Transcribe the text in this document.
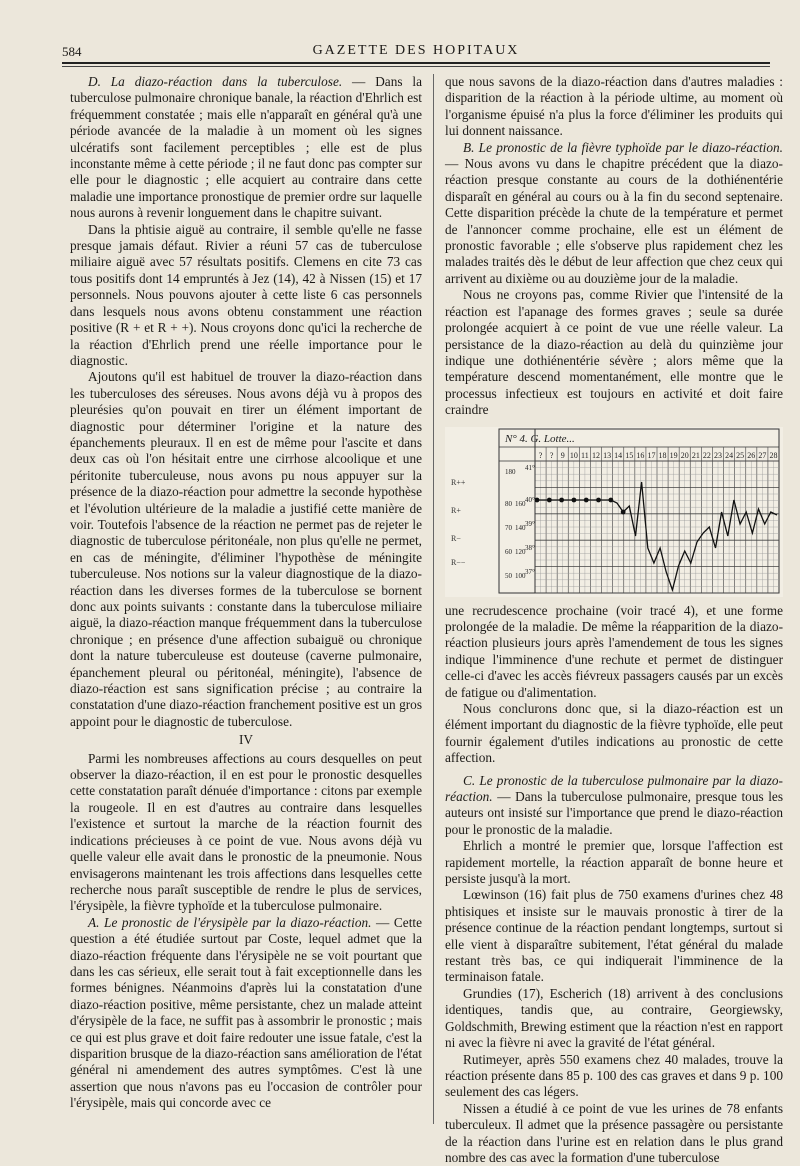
584	GAZETTE DES HOPITAUX

D. La diazo-réaction dans la tuberculose. — Dans la tuberculose pulmonaire chronique banale, la réaction d'Ehrlich est fréquemment constatée ; mais elle n'apparaît en général qu'à une période avancée de la maladie à un moment où les signes ulcératifs sont facilement perceptibles ; elle est de plus inconstante même à cette période ; il ne faut donc pas compter sur elle pour le diagnostic ; elle acquiert au contraire dans cette maladie une importance pronostique de premier ordre sur laquelle nous aurons à revenir longuement dans le chapitre suivant.

Dans la phtisie aiguë au contraire, il semble qu'elle ne fasse presque jamais défaut. Rivier a réuni 57 cas de tuberculose miliaire aiguë avec 57 résultats positifs. Clemens en cite 73 cas tous positifs dont 14 empruntés à Jez (14), 42 à Nissen (15) et 17 personnels. Nous pouvons ajouter à cette liste 6 cas personnels dans lesquels nous avons obtenu constamment une réaction positive (R + et R + +). Nous croyons donc qu'ici la recherche de la réaction d'Ehrlich prend une réelle importance pour le diagnostic.

Ajoutons qu'il est habituel de trouver la diazo-réaction dans les tuberculoses des séreuses. Nous avons déjà vu à propos des pleurésies qu'on pouvait en tirer un élément important de diagnostic pour déterminer l'origine et la nature des épanchements pleuraux. Il en est de même pour l'ascite et dans deux cas où l'on hésitait entre une cirrhose alcoolique et une péritonite tuberculeuse, nous avons pu nous appuyer sur la présence de la diazo-réaction pour admettre la seconde hypothèse et l'évolution ultérieure de la maladie a justifié cette manière de voir. Toutefois l'absence de la réaction ne permet pas de rejeter le diagnostic de tuberculose péritonéale, non plus qu'elle ne permet, en cas de méningite, d'éliminer l'hypothèse de méningite tuberculeuse. Nos notions sur la valeur diagnostique de la diazo-réaction dans les diverses formes de la tuberculose se bornent donc aux points suivants : constante dans la tuberculose miliaire aiguë, la diazo-réaction manque fréquemment dans la tuberculose chronique ; en présence d'une affection subaiguë ou chronique dont la nature tuberculeuse est douteuse (caverne pulmonaire, épanchement pleural ou péritonéal, méningite), l'absence de diazo-réaction est sans signification précise ; au contraire la constatation d'une diazo-réaction franchement positive est un gros appoint pour le diagnostic de tuberculose.

IV

Parmi les nombreuses affections au cours desquelles on peut observer la diazo-réaction, il en est pour le pronostic desquelles cette constatation paraît dénuée d'importance : citons par exemple la rougeole. Il en est d'autres au contraire dans lesquelles l'existence et surtout la marche de la réaction fournit des indications précieuses à ce point de vue. Nous avons déjà vu quelle valeur elle avait dans le pronostic de la pneumonie. Nous envisagerons maintenant les trois affections dans lesquelles cette recherche nous paraît susceptible de rendre le plus de services, l'érysipèle, la fièvre typhoïde et la tuberculose pulmonaire.

A. Le pronostic de l'érysipèle par la diazo-réaction. — Cette question a été étudiée surtout par Coste, lequel admet que la diazo-réaction fréquente dans l'érysipèle ne se voit pourtant que dans les cas sérieux, elle serait tout à fait exceptionnelle dans les formes bénignes. Néanmoins d'après lui la constatation d'une diazo-réaction positive, même persistante, chez un malade atteint d'érysipèle de la face, ne suffit pas à assombrir le pronostic ; mais ce qui est plus grave et doit faire redouter une issue fatale, c'est la disparition brusque de la diazo-réaction sans amélioration de l'état général ni amendement des autres symptômes. C'est là une assertion que nous n'avons pas eu l'occasion de contrôler pour l'érysipèle, mais qui concorde avec ce

que nous savons de la diazo-réaction dans d'autres maladies : disparition de la réaction à la période ultime, au moment où l'organisme épuisé n'a plus la force d'éliminer les produits qui lui donnent naissance.

B. Le pronostic de la fièvre typhoïde par le diazo-réaction. — Nous avons vu dans le chapitre précédent que la diazo-réaction presque constante au cours de la dothiénentérie disparaît en général au cours ou à la fin du second septenaire. Cette disparition précède la chute de la température et permet de l'annoncer comme prochaine, elle est un élément de pronostic favorable ; elle s'observe plus rapidement chez les malades traités dès le début de leur affection que chez ceux qui arrivent au dixième ou au douzième jour de la maladie.

Nous ne croyons pas, comme Rivier que l'intensité de la réaction est l'apanage des formes graves ; seule sa durée prolongée acquiert à ce point de vue une réelle valeur. La persistance de la diazo-réaction au delà du quinzième jour indique une dothiénentérie sévère ; alors même que la température descend momentanément, elle montre que le processus infectieux est toujours en activité et doit faire craindre

N° 4. G. Lotte...
? ? 9 10 11 12 13 14 15 16 17 18 19 20 21 22 23 24 25 26 27 28
180
80
70
60
50
160
140
120
100
41°
40°
39°
38°
37°
R++
R+
R−
R−−

une recrudescence prochaine (voir tracé 4), et une forme prolongée de la maladie. De même la réapparition de la diazo-réaction plusieurs jours après l'amendement de tous les signes indique l'imminence d'une rechute et permet de distinguer celle-ci d'avec les accès fiévreux passagers causés par un excès de fatigue ou d'alimentation.

Nous conclurons donc que, si la diazo-réaction est un élément important du diagnostic de la fièvre typhoïde, elle peut fournir également d'utiles indications au pronostic de cette affection.

C. Le pronostic de la tuberculose pulmonaire par la diazo-réaction. — Dans la tuberculose pulmonaire, presque tous les auteurs ont insisté sur l'importance que prend le diazo-réaction pour le pronostic de la maladie.

Ehrlich a montré le premier que, lorsque l'affection est rapidement mortelle, la réaction apparaît de bonne heure et persiste jusqu'à la mort.

Lœwinson (16) fait plus de 750 examens d'urines chez 48 phtisiques et insiste sur le mauvais pronostic à tirer de la présence continue de la réaction pendant longtemps, surtout si elle vient à disparaître subitement, l'état général du malade restant très bas, ce qui indiquerait l'imminence de la terminaison fatale.

Grundies (17), Escherich (18) arrivent à des conclusions identiques, tandis que, au contraire, Georgiewsky, Goldschmith, Brewing estiment que la réaction n'est en rapport ni avec la fièvre ni avec la gravité de l'état général.

Rutimeyer, après 550 examens chez 40 malades, trouve la réaction présente dans 85 p. 100 des cas graves et dans 9 p. 100 seulement des cas légers.

Nissen a étudié à ce point de vue les urines de 78 enfants tuberculeux. Il admet que la présence passagère ou persistante de la réaction dans l'urine est en relation dans le plus grand nombre des cas avec la formation d'une tuberculose
